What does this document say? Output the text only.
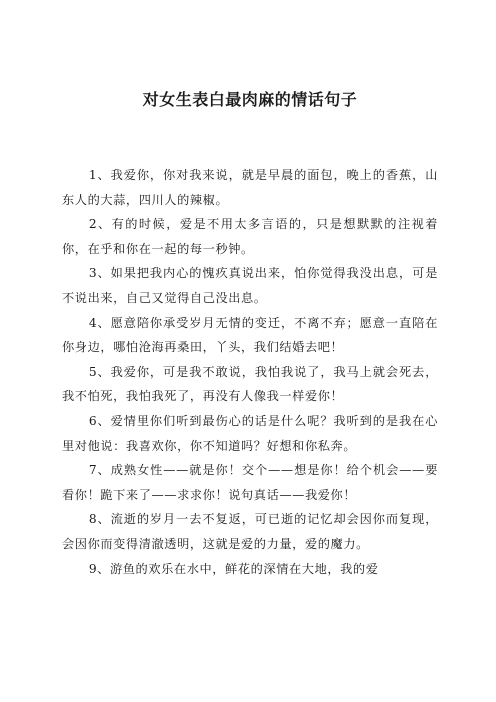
对女生表白最肉麻的情话句子

1、我爱你，你对我来说，就是早晨的面包，晚上的香蕉，山东人的大蒜，四川人的辣椒。

2、有的时候，爱是不用太多言语的，只是想默默的注视着你，在乎和你在一起的每一秒钟。

3、如果把我内心的愧疚真说出来，怕你觉得我没出息，可是不说出来，自己又觉得自己没出息。

4、愿意陪你承受岁月无情的变迁，不离不弃；愿意一直陪在你身边，哪怕沧海再桑田，丫头，我们结婚去吧！

5、我爱你，可是我不敢说，我怕我说了，我马上就会死去，我不怕死，我怕我死了，再没有人像我一样爱你！

6、爱情里你们听到最伤心的话是什么呢？我听到的是我在心里对他说：我喜欢你，你不知道吗？好想和你私奔。

7、成熟女性——就是你！交个——想是你！给个机会——要看你！跪下来了——求求你！说句真话——我爱你！

8、流逝的岁月一去不复返，可已逝的记忆却会因你而复现，会因你而变得清澈透明，这就是爱的力量，爱的魔力。

9、游鱼的欢乐在水中，鲜花的深情在大地，我的爱
